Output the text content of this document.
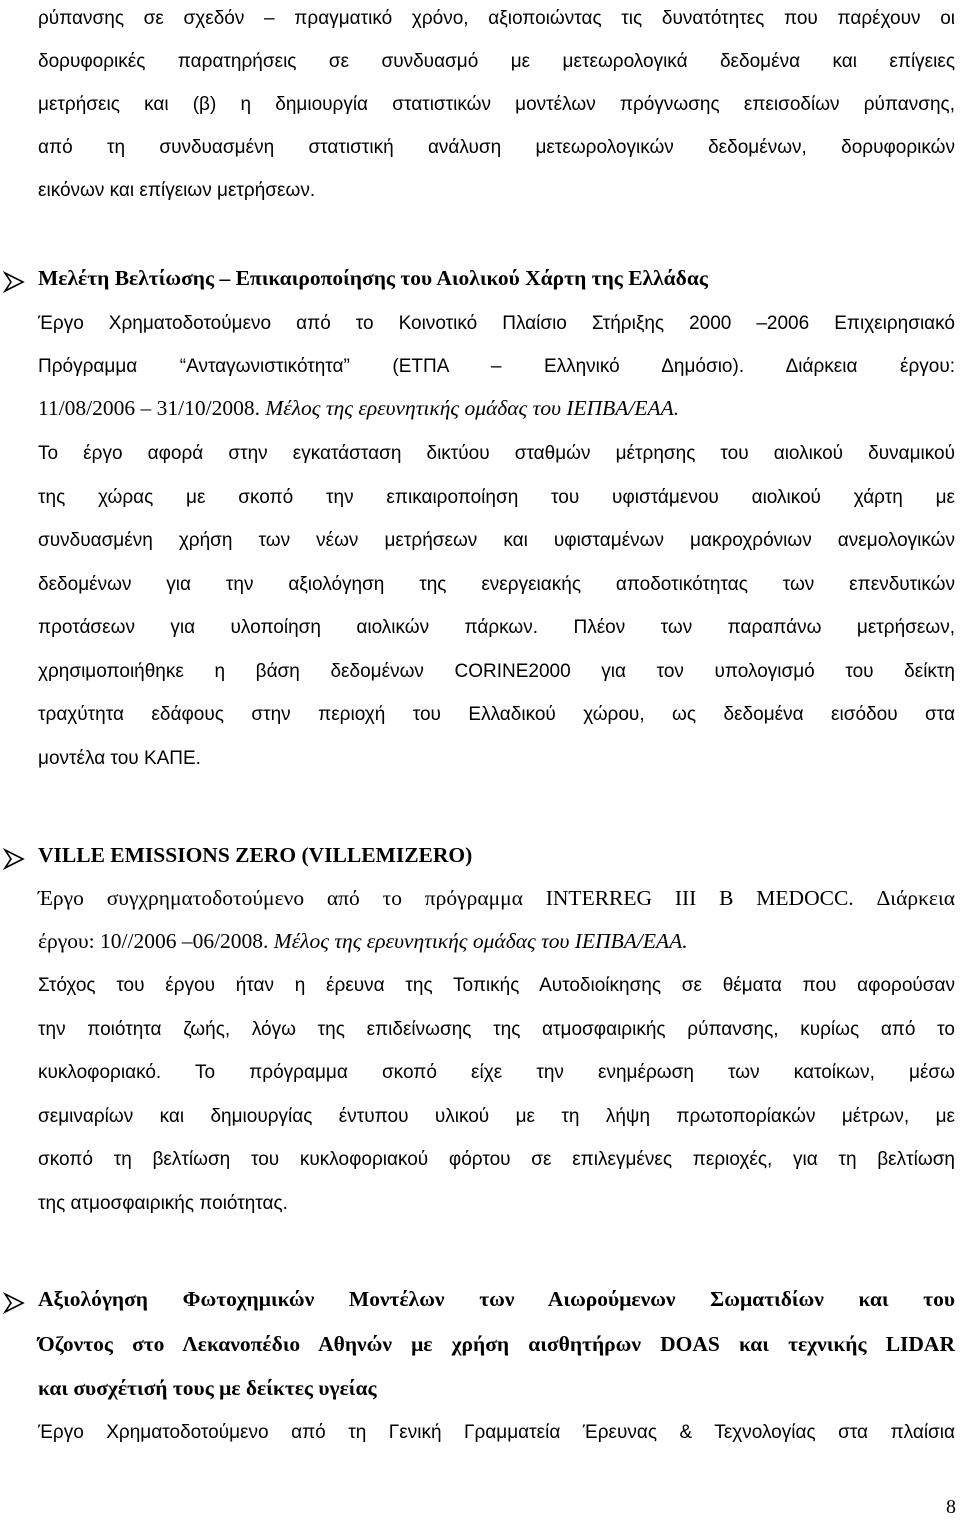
ρύπανσης σε σχεδόν – πραγματικό χρόνο, αξιοποιώντας τις δυνατότητες που παρέχουν οι
δορυφορικές παρατηρήσεις σε συνδυασμό με μετεωρολογικά δεδομένα και επίγειες
μετρήσεις και (β) η δημιουργία στατιστικών μοντέλων πρόγνωσης επεισοδίων ρύπανσης,
από τη συνδυασμένη στατιστική ανάλυση μετεωρολογικών δεδομένων, δορυφορικών
εικόνων και επίγειων μετρήσεων.
Μελέτη Βελτίωσης – Επικαιροποίησης του Αιολικού Χάρτη της Ελλάδας
Έργο Χρηματοδοτούμενο από το Κοινοτικό Πλαίσιο Στήριξης 2000 –2006 Επιχειρησιακό
Πρόγραμμα “Ανταγωνιστικότητα” (ΕΤΠΑ – Ελληνικό Δημόσιο). Διάρκεια έργου:
11/08/2006 – 31/10/2008. Μέλος της ερευνητικής ομάδας του ΙΕΠΒΑ/ΕΑΑ.
Το έργο αφορά στην εγκατάσταση δικτύου σταθμών μέτρησης του αιολικού δυναμικού
της χώρας με σκοπό την επικαιροποίηση του υφιστάμενου αιολικού χάρτη με
συνδυασμένη χρήση των νέων μετρήσεων και υφισταμένων μακροχρόνιων ανεμολογικών
δεδομένων για την αξιολόγηση της ενεργειακής αποδοτικότητας των επενδυτικών
προτάσεων για υλοποίηση αιολικών πάρκων. Πλέον των παραπάνω μετρήσεων,
χρησιμοποιήθηκε η βάση δεδομένων CORINE2000 για τον υπολογισμό του δείκτη
τραχύτητα εδάφους στην περιοχή του Ελλαδικού χώρου, ως δεδομένα εισόδου στα
μοντέλα του ΚΑΠΕ.
VILLE EMISSIONS ZERO (VILLEMIZERO)
Έργο συγχρηματοδοτούμενο από το πρόγραμμα INTERREG III B MEDOCC. Διάρκεια
έργου: 10//2006 –06/2008. Μέλος της ερευνητικής ομάδας του ΙΕΠΒΑ/ΕΑΑ.
Στόχος του έργου ήταν η έρευνα της Τοπικής Αυτοδιοίκησης σε θέματα που αφορούσαν
την ποιότητα ζωής, λόγω της επιδείνωσης της ατμοσφαιρικής ρύπανσης, κυρίως από το
κυκλοφοριακό. Το πρόγραμμα σκοπό είχε την ενημέρωση των κατοίκων, μέσω
σεμιναρίων και δημιουργίας έντυπου υλικού με τη λήψη πρωτοπορίακών μέτρων, με
σκοπό τη βελτίωση του κυκλοφοριακού φόρτου σε επιλεγμένες περιοχές, για τη βελτίωση
της ατμοσφαιρικής ποιότητας.
Αξιολόγηση Φωτοχημικών Μοντέλων των Αιωρούμενων Σωματιδίων και του
Όζοντος στο Λεκανοπέδιο Αθηνών με χρήση αισθητήρων DOAS και τεχνικής LIDAR
και συσχέτισή τους με δείκτες υγείας
Έργο Χρηματοδοτούμενο από τη Γενική Γραμματεία Έρευνας & Τεχνολογίας στα πλαίσια
8
